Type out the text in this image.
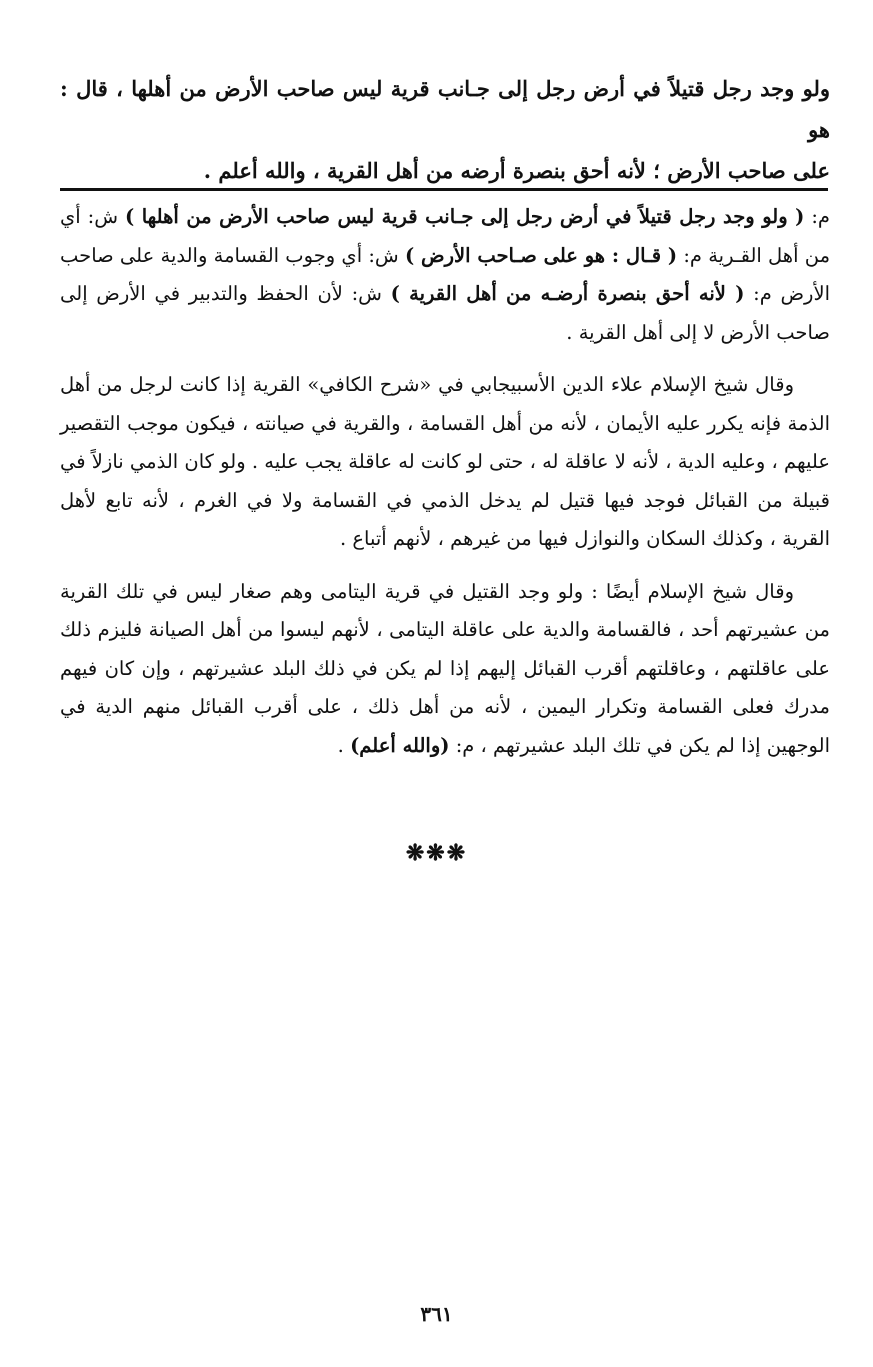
ولو وجد رجل قتيلاً في أرض رجل إلى جـانب قرية ليس صاحب الأرض من أهلها ، قال : هو

على صاحب الأرض ؛ لأنه أحق بنصرة أرضه من أهل القرية ، والله أعلم .

م: ( ولو وجد رجل قتيلاً في أرض رجل إلى جـانب قرية ليس صاحب الأرض من أهلها ) ش: أي من أهل القـرية م: ( قـال : هو على صـاحب الأرض ) ش: أي وجوب القسامة والدية على صاحب الأرض م: ( لأنه أحق بنصرة أرضـه من أهل القرية ) ش: لأن الحفظ والتدبير في الأرض إلى صاحب الأرض لا إلى أهل القرية .

وقال شيخ الإسلام علاء الدين الأسبيجابي في «شرح الكافي» القرية إذا كانت لرجل من أهل الذمة فإنه يكرر عليه الأيمان ، لأنه من أهل القسامة ، والقرية في صيانته ، فيكون موجب التقصير عليهم ، وعليه الدية ، لأنه لا عاقلة له ، حتى لو كانت له عاقلة يجب عليه . ولو كان الذمي نازلاً في قبيلة من القبائل فوجد فيها قتيل لم يدخل الذمي في القسامة ولا في الغرم ، لأنه تابع لأهل القرية ، وكذلك السكان والنوازل فيها من غيرهم ، لأنهم أتباع .

وقال شيخ الإسلام أيضًا : ولو وجد القتيل في قرية اليتامى وهم صغار ليس في تلك القرية من عشيرتهم أحد ، فالقسامة والدية على عاقلة اليتامى ، لأنهم ليسوا من أهل الصيانة فليزم ذلك على عاقلتهم ، وعاقلتهم أقرب القبائل إليهم إذا لم يكن في ذلك البلد عشيرتهم ، وإن كان فيهم مدرك فعلى القسامة وتكرار اليمين ، لأنه من أهل ذلك ، على أقرب القبائل منهم الدية في الوجهين إذا لم يكن في تلك البلد عشيرتهم ، م: (والله أعلم) .

❋❋❋
٣٦١
